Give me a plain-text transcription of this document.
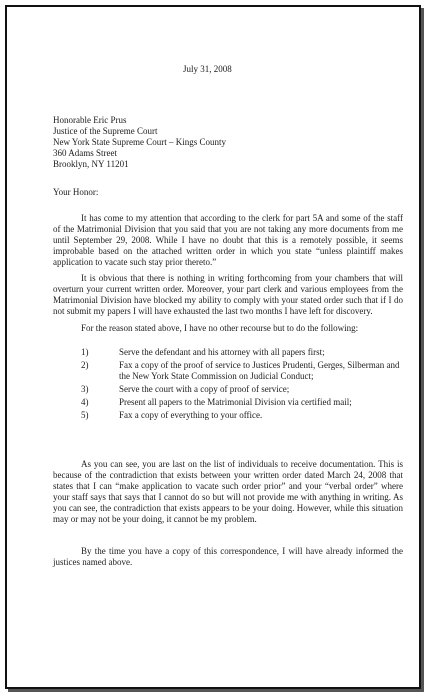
July 31, 2008
Honorable Eric Prus
Justice of the Supreme Court
New York State Supreme Court – Kings County
360 Adams Street
Brooklyn, NY 11201
Your Honor:
It has come to my attention that according to the clerk for part 5A and some of the staff of the Matrimonial Division that you said that you are not taking any more documents from me until September 29, 2008. While I have no doubt that this is a remotely possible, it seems improbable based on the attached written order in which you state “unless plaintiff makes application to vacate such stay prior thereto.”
It is obvious that there is nothing in writing forthcoming from your chambers that will overturn your current written order. Moreover, your part clerk and various employees from the Matrimonial Division have blocked my ability to comply with your stated order such that if I do not submit my papers I will have exhausted the last two months I have left for discovery.
For the reason stated above, I have no other recourse but to do the following:
1)	Serve the defendant and his attorney with all papers first;
2)	Fax a copy of the proof of service to Justices Prudenti, Gerges, Silberman and the New York State Commission on Judicial Conduct;
3)	Serve the court with a copy of proof of service;
4)	Present all papers to the Matrimonial Division via certified mail;
5)	Fax a copy of everything to your office.
As you can see, you are last on the list of individuals to receive documentation. This is because of the contradiction that exists between your written order dated March 24, 2008 that states that I can “make application to vacate such order prior” and your “verbal order” where your staff says that says that I cannot do so but will not provide me with anything in writing. As you can see, the contradiction that exists appears to be your doing. However, while this situation may or may not be your doing, it cannot be my problem.
By the time you have a copy of this correspondence, I will have already informed the justices named above.
